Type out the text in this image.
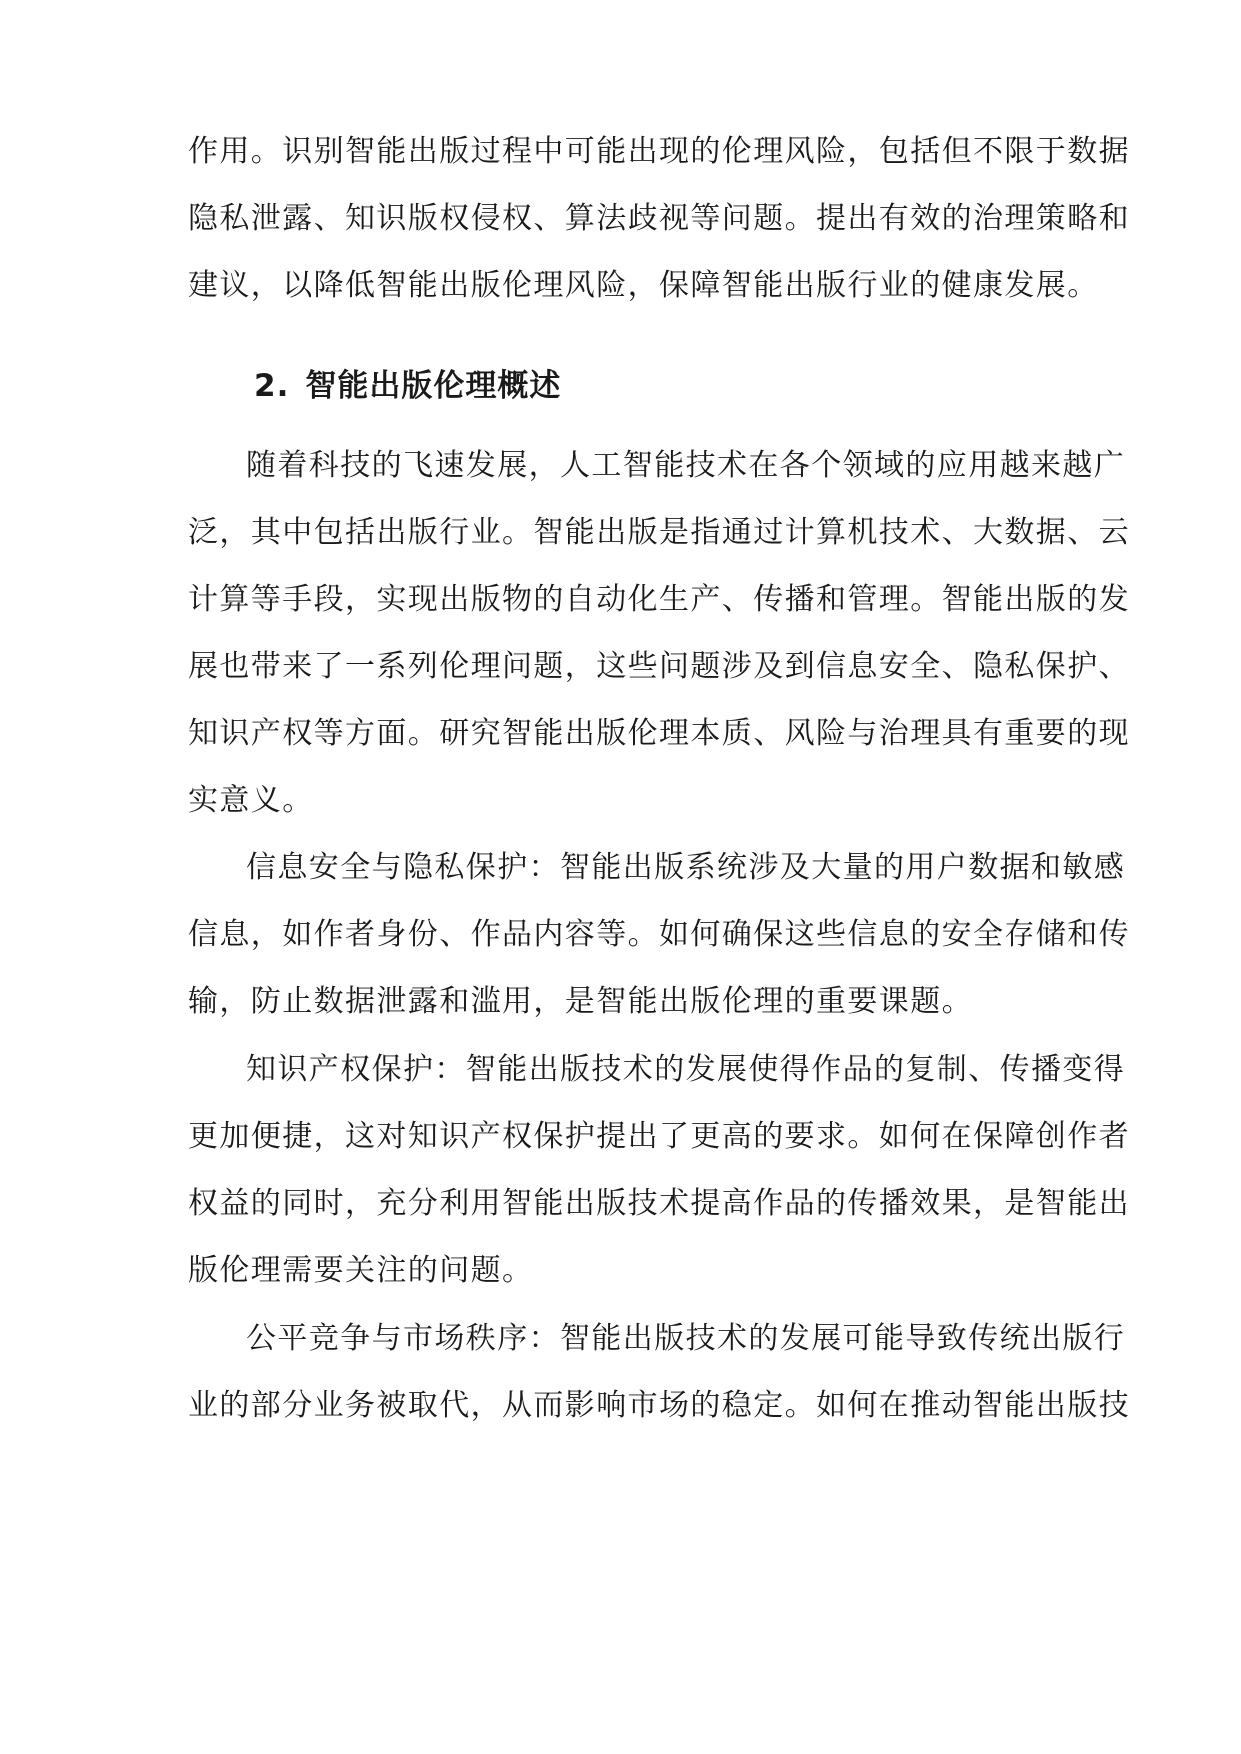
作用。识别智能出版过程中可能出现的伦理风险，包括但不限于数据
隐私泄露、知识版权侵权、算法歧视等问题。提出有效的治理策略和
建议，以降低智能出版伦理风险，保障智能出版行业的健康发展。
2. 智能出版伦理概述
随着科技的飞速发展，人工智能技术在各个领域的应用越来越广
泛，其中包括出版行业。智能出版是指通过计算机技术、大数据、云
计算等手段，实现出版物的自动化生产、传播和管理。智能出版的发
展也带来了一系列伦理问题，这些问题涉及到信息安全、隐私保护、
知识产权等方面。研究智能出版伦理本质、风险与治理具有重要的现
实意义。
信息安全与隐私保护：智能出版系统涉及大量的用户数据和敏感
信息，如作者身份、作品内容等。如何确保这些信息的安全存储和传
输，防止数据泄露和滥用，是智能出版伦理的重要课题。
知识产权保护：智能出版技术的发展使得作品的复制、传播变得
更加便捷，这对知识产权保护提出了更高的要求。如何在保障创作者
权益的同时，充分利用智能出版技术提高作品的传播效果，是智能出
版伦理需要关注的问题。
公平竞争与市场秩序：智能出版技术的发展可能导致传统出版行
业的部分业务被取代，从而影响市场的稳定。如何在推动智能出版技
